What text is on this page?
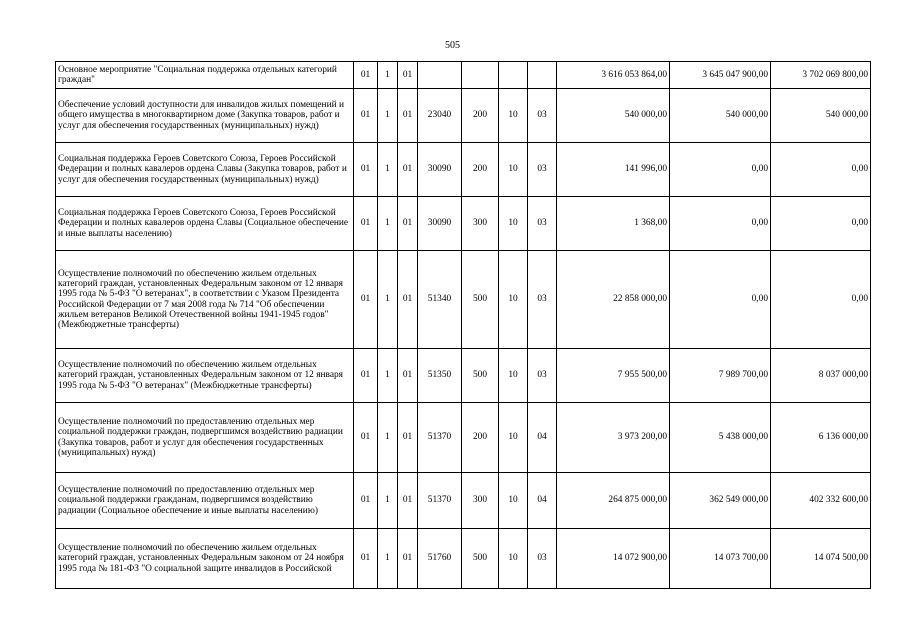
505
Основное мероприятие "Социальная поддержка отдельных категорий граждан"	01	1	01					3 616 053 864,00	3 645 047 900,00	3 702 069 800,00
Обеспечение условий доступности для инвалидов жилых помещений и общего имущества в многоквартирном доме (Закупка товаров, работ и услуг для обеспечения государственных (муниципальных) нужд)	01	1	01	23040	200	10	03	540 000,00	540 000,00	540 000,00
Социальная поддержка Героев Советского Союза, Героев Российской Федерации и полных кавалеров ордена Славы (Закупка товаров, работ и услуг для обеспечения государственных (муниципальных) нужд)	01	1	01	30090	200	10	03	141 996,00	0,00	0,00
Социальная поддержка Героев Советского Союза, Героев Российской Федерации и полных кавалеров ордена Славы (Социальное обеспечение и иные выплаты населению)	01	1	01	30090	300	10	03	1 368,00	0,00	0,00
Осуществление полномочий по обеспечению жильем отдельных категорий граждан, установленных Федеральным законом от 12 января 1995 года № 5-ФЗ "О ветеранах", в соответствии с Указом Президента Российской Федерации от 7 мая 2008 года № 714 "Об обеспечении жильем ветеранов Великой Отечественной войны 1941-1945 годов" (Межбюджетные трансферты)	01	1	01	51340	500	10	03	22 858 000,00	0,00	0,00
Осуществление полномочий по обеспечению жильем отдельных категорий граждан, установленных Федеральным законом от 12 января 1995 года № 5-ФЗ "О ветеранах" (Межбюджетные трансферты)	01	1	01	51350	500	10	03	7 955 500,00	7 989 700,00	8 037 000,00
Осуществление полномочий по предоставлению отдельных мер социальной поддержки граждан, подвергшимся воздействию радиации (Закупка товаров, работ и услуг для обеспечения государственных (муниципальных) нужд)	01	1	01	51370	200	10	04	3 973 200,00	5 438 000,00	6 136 000,00
Осуществление полномочий по предоставлению отдельных мер социальной поддержки гражданам, подвергшимся воздействию радиации (Социальное обеспечение и иные выплаты населению)	01	1	01	51370	300	10	04	264 875 000,00	362 549 000,00	402 332 600,00
Осуществление полномочий по обеспечению жильем отдельных категорий граждан, установленных Федеральным законом от 24 ноября 1995 года № 181-ФЗ "О социальной защите инвалидов в Российской	01	1	01	51760	500	10	03	14 072 900,00	14 073 700,00	14 074 500,00
